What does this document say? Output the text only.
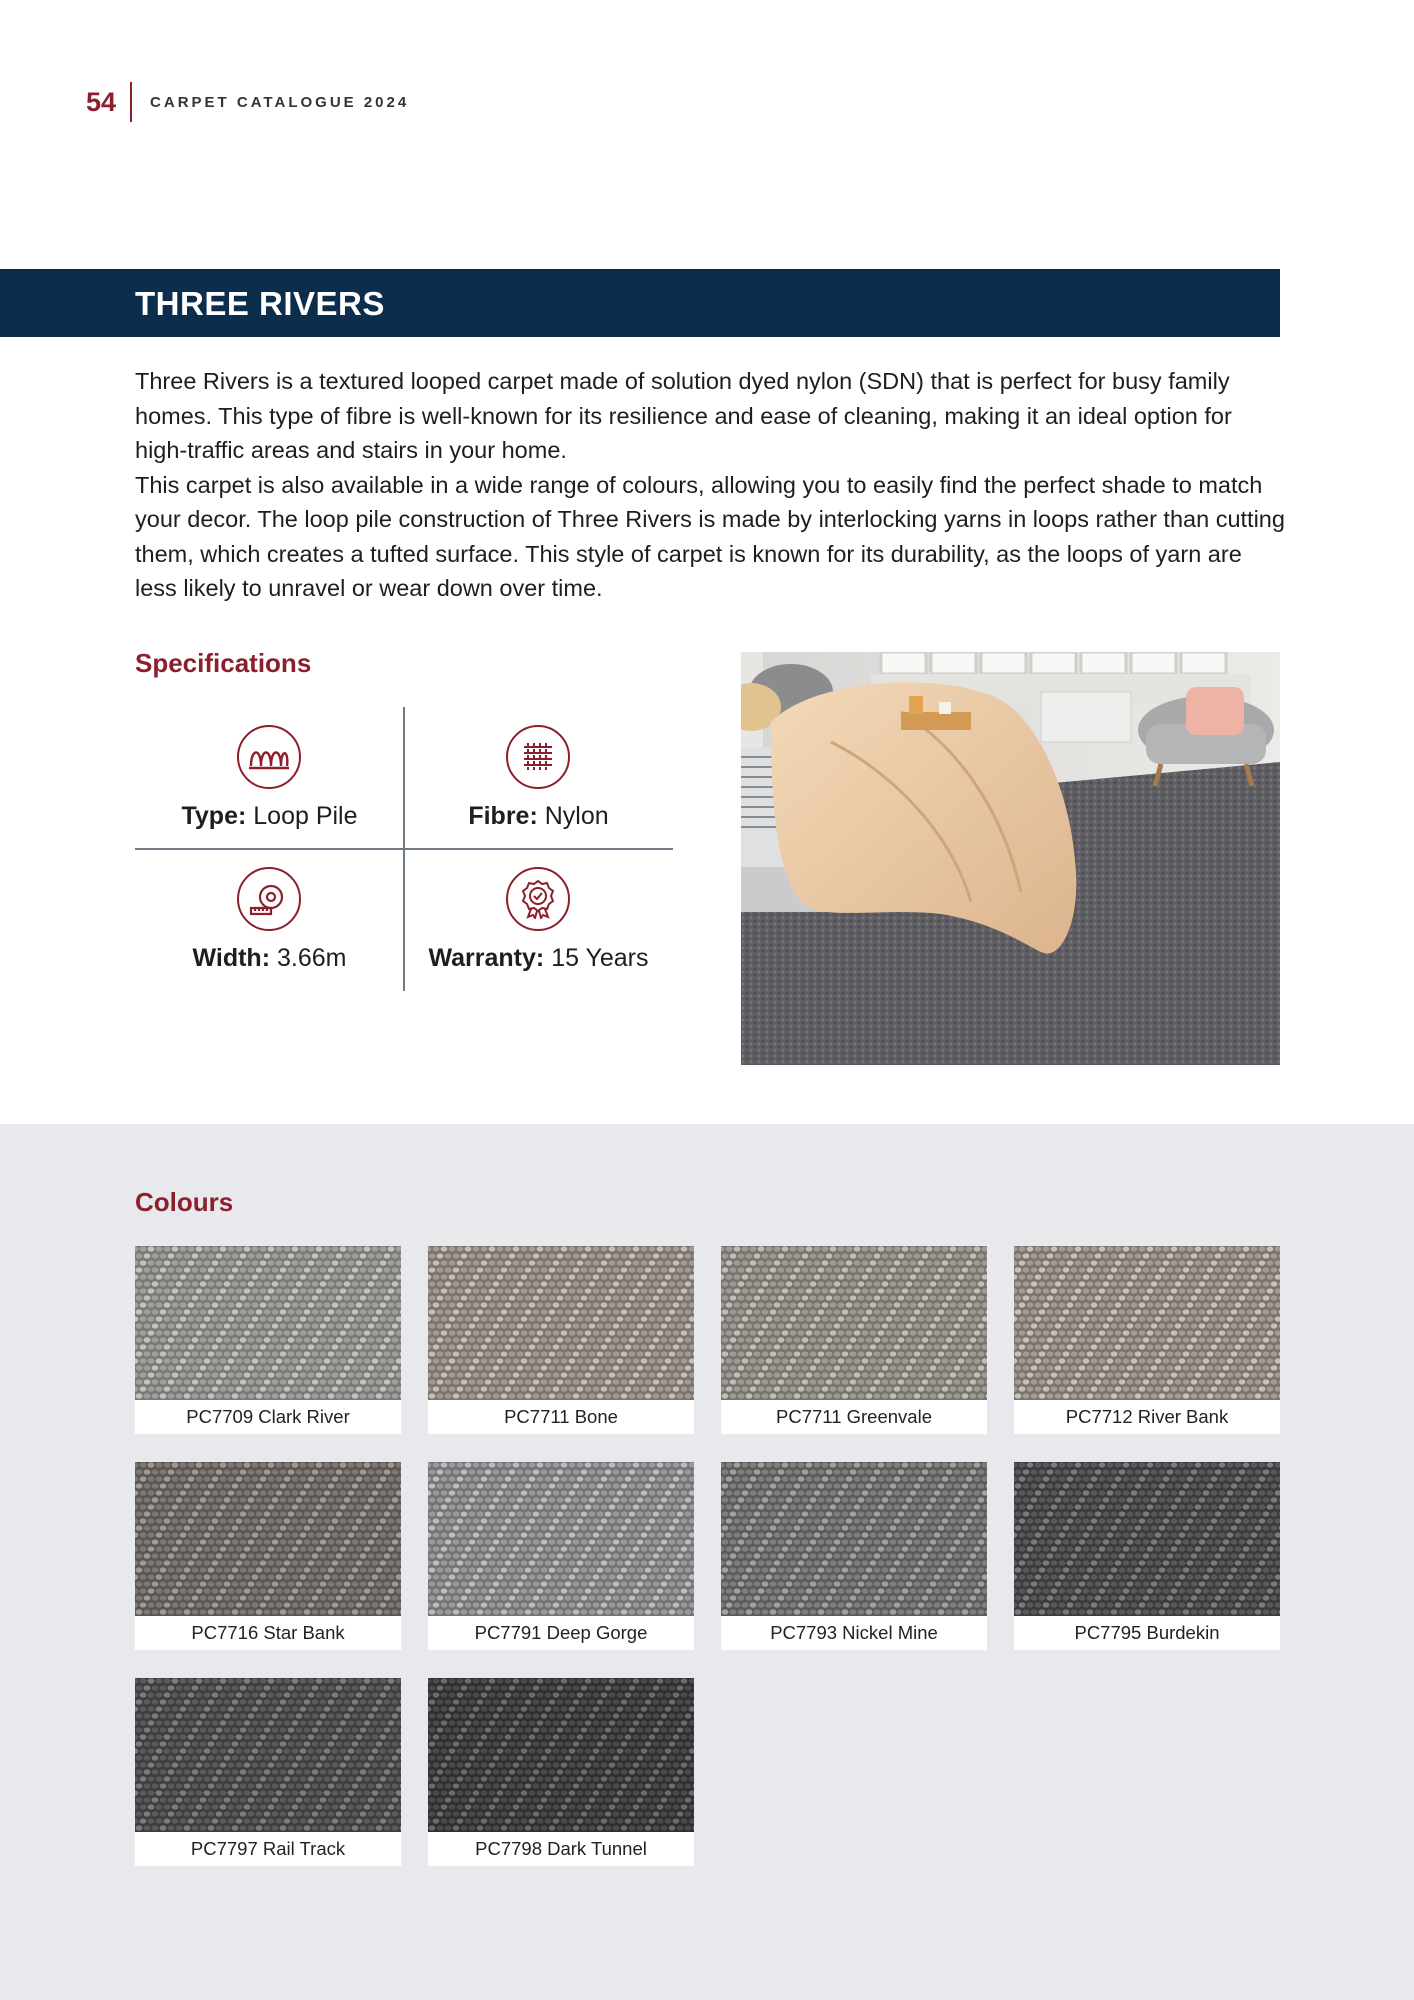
54 CARPET CATALOGUE 2024
THREE RIVERS

Three Rivers is a textured looped carpet made of solution dyed nylon (SDN) that is perfect for busy family homes. This type of fibre is well-known for its resilience and ease of cleaning, making it an ideal option for high-traffic areas and stairs in your home.

This carpet is also available in a wide range of colours, allowing you to easily find the perfect shade to match your decor. The loop pile construction of Three Rivers is made by interlocking yarns in loops rather than cutting them, which creates a tufted surface. This style of carpet is known for its durability, as the loops of yarn are less likely to unravel or wear down over time.

Specifications
Type: Loop Pile	Fibre: Nylon
Width: 3.66m	Warranty: 15 Years
Colours
PC7709 Clark River	PC7711 Bone	PC7711 Greenvale	PC7712 River Bank
PC7716 Star Bank	PC7791 Deep Gorge	PC7793 Nickel Mine	PC7795 Burdekin
PC7797 Rail Track	PC7798 Dark Tunnel
